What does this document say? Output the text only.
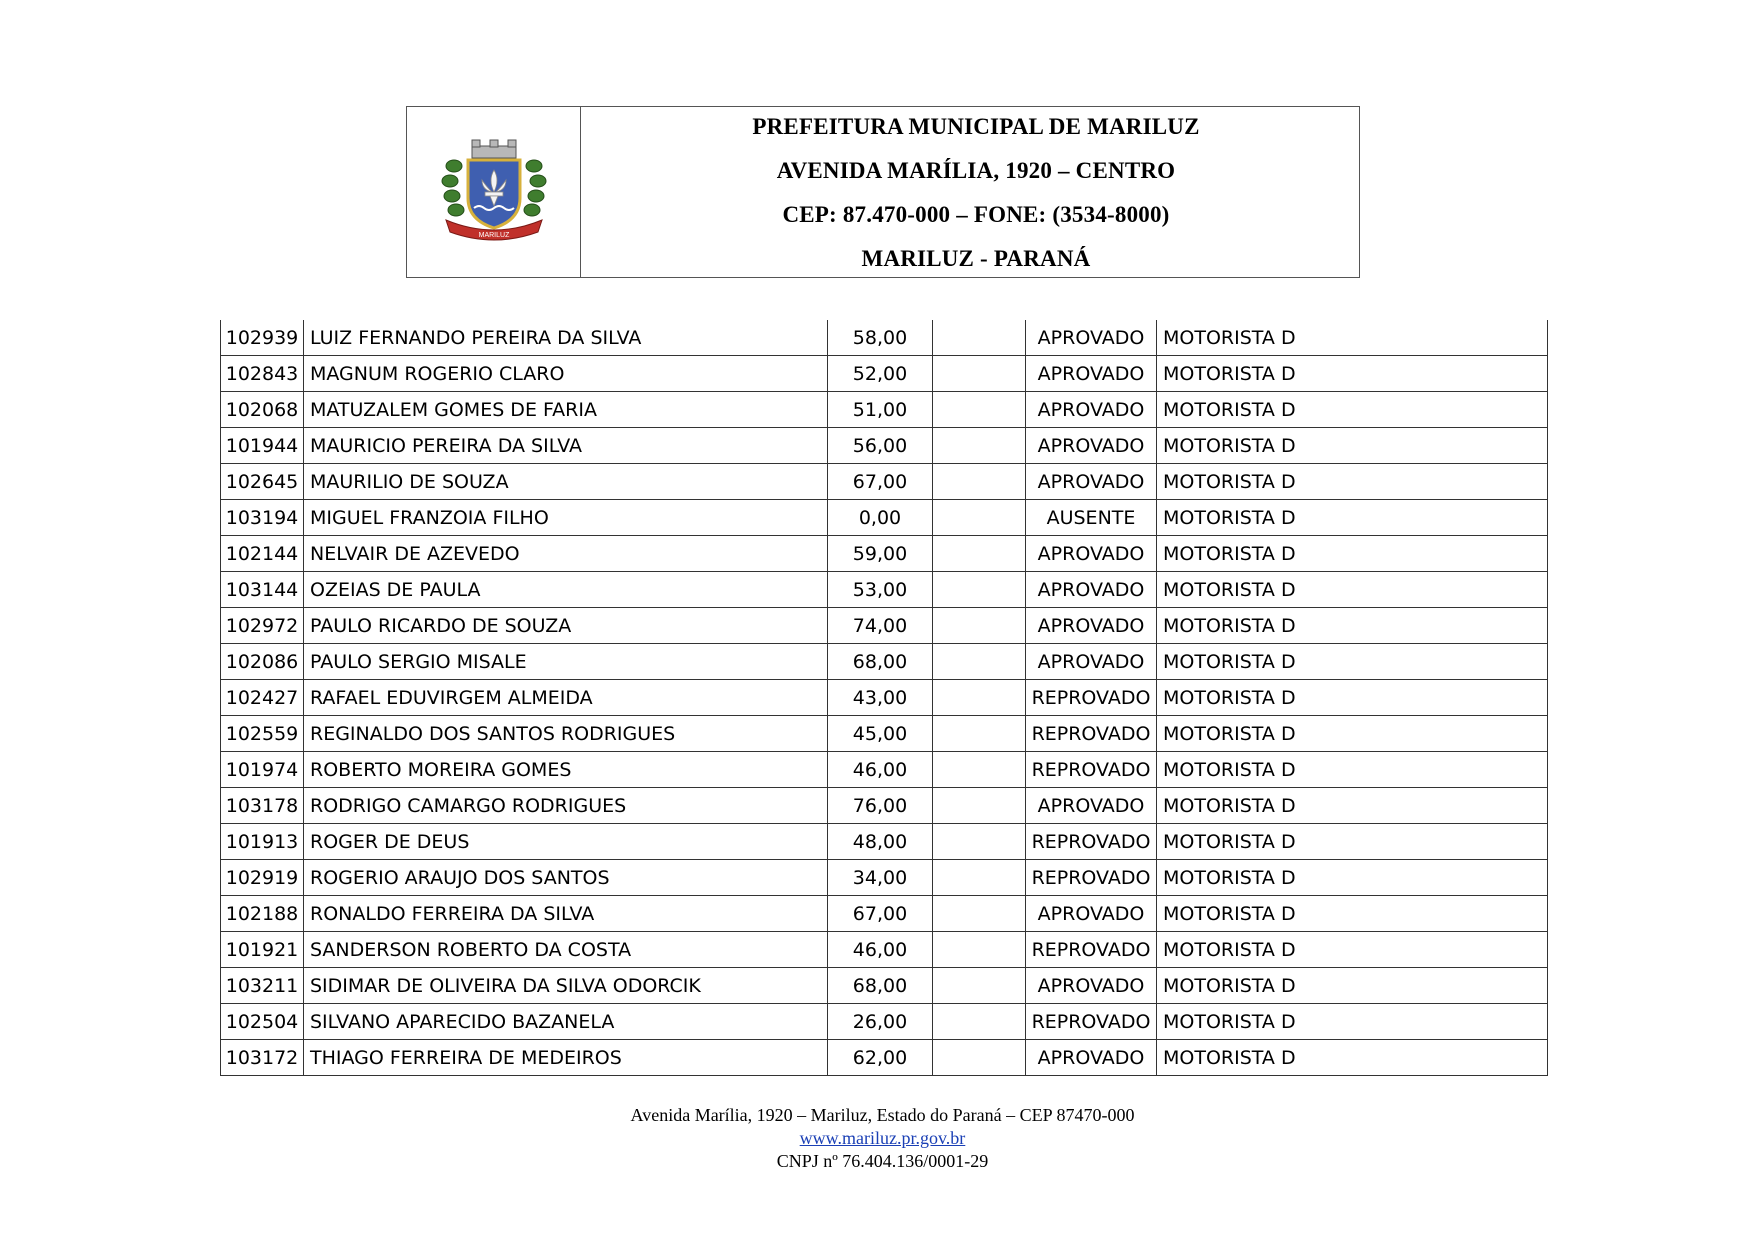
MARILUZ
PREFEITURA MUNICIPAL DE MARILUZ
AVENIDA MARÍLIA, 1920 – CENTRO
CEP: 87.470-000 – FONE: (3534-8000)
MARILUZ - PARANÁ
102939	LUIZ FERNANDO PEREIRA DA SILVA	58,00		APROVADO	MOTORISTA D
102843	MAGNUM ROGERIO CLARO	52,00		APROVADO	MOTORISTA D
102068	MATUZALEM GOMES DE FARIA	51,00		APROVADO	MOTORISTA D
101944	MAURICIO PEREIRA DA SILVA	56,00		APROVADO	MOTORISTA D
102645	MAURILIO DE SOUZA	67,00		APROVADO	MOTORISTA D
103194	MIGUEL FRANZOIA FILHO	0,00		AUSENTE	MOTORISTA D
102144	NELVAIR DE AZEVEDO	59,00		APROVADO	MOTORISTA D
103144	OZEIAS DE PAULA	53,00		APROVADO	MOTORISTA D
102972	PAULO RICARDO DE SOUZA	74,00		APROVADO	MOTORISTA D
102086	PAULO SERGIO MISALE	68,00		APROVADO	MOTORISTA D
102427	RAFAEL EDUVIRGEM ALMEIDA	43,00		REPROVADO	MOTORISTA D
102559	REGINALDO DOS SANTOS RODRIGUES	45,00		REPROVADO	MOTORISTA D
101974	ROBERTO MOREIRA GOMES	46,00		REPROVADO	MOTORISTA D
103178	RODRIGO CAMARGO RODRIGUES	76,00		APROVADO	MOTORISTA D
101913	ROGER DE DEUS	48,00		REPROVADO	MOTORISTA D
102919	ROGERIO ARAUJO DOS SANTOS	34,00		REPROVADO	MOTORISTA D
102188	RONALDO FERREIRA DA SILVA	67,00		APROVADO	MOTORISTA D
101921	SANDERSON ROBERTO DA COSTA	46,00		REPROVADO	MOTORISTA D
103211	SIDIMAR DE OLIVEIRA DA SILVA ODORCIK	68,00		APROVADO	MOTORISTA D
102504	SILVANO APARECIDO BAZANELA	26,00		REPROVADO	MOTORISTA D
103172	THIAGO FERREIRA DE MEDEIROS	62,00		APROVADO	MOTORISTA D
Avenida Marília, 1920 – Mariluz, Estado do Paraná – CEP 87470-000
www.mariluz.pr.gov.br
CNPJ nº 76.404.136/0001-29
